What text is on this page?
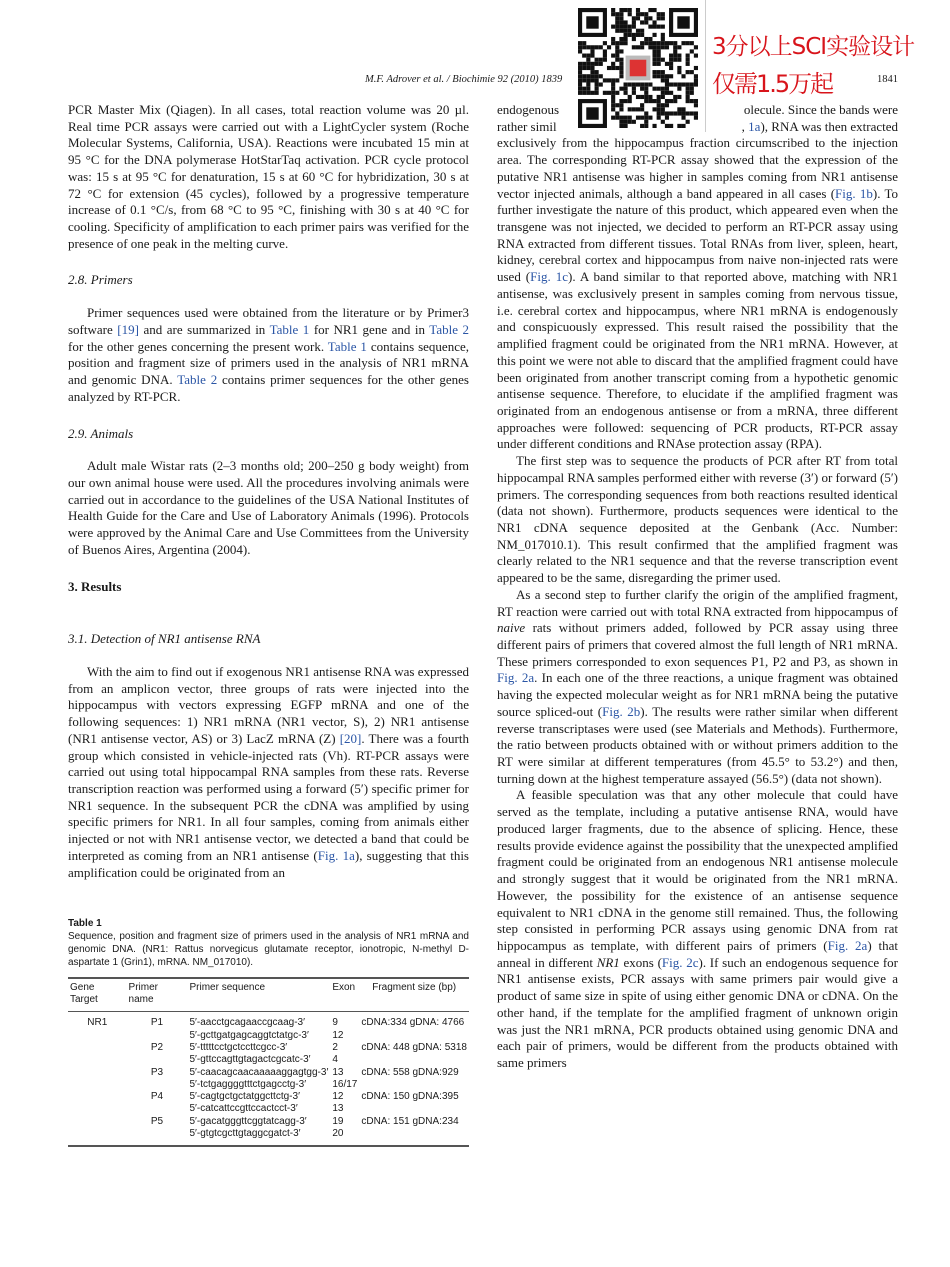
M.F. Adrover et al. / Biochimie 92 (2010) 1839	1841

PCR Master Mix (Qiagen). In all cases, total reaction volume was 20 µl. Real time PCR assays were carried out with a LightCycler system (Roche Molecular Systems, California, USA). Reactions were incubated 15 min at 95 °C for the DNA polymerase HotStarTaq activation. PCR cycle protocol was: 15 s at 95 °C for denaturation, 15 s at 60 °C for hybridization, 30 s at 72 °C for extension (45 cycles), followed by a progressive temperature increase of 0.1 °C/s, from 68 °C to 95 °C, finishing with 30 s at 40 °C for cooling. Specificity of amplification to each primer pairs was verified for the presence of one peak in the melting curve.

2.8. Primers

Primer sequences used were obtained from the literature or by Primer3 software [19] and are summarized in Table 1 for NR1 gene and in Table 2 for the other genes concerning the present work. Table 1 contains sequence, position and fragment size of primers used in the analysis of NR1 mRNA and genomic DNA. Table 2 contains primer sequences for the other genes analyzed by RT-PCR.

2.9. Animals

Adult male Wistar rats (2–3 months old; 200–250 g body weight) from our own animal house were used. All the procedures involving animals were carried out in accordance to the guidelines of the USA National Institutes of Health Guide for the Care and Use of Laboratory Animals (1996). Protocols were approved by the Animal Care and Use Committees from the University of Buenos Aires, Argentina (2004).

3. Results
3.1. Detection of NR1 antisense RNA

With the aim to find out if exogenous NR1 antisense RNA was expressed from an amplicon vector, three groups of rats were injected into the hippocampus with vectors expressing EGFP mRNA and one of the following sequences: 1) NR1 mRNA (NR1 vector, S), 2) NR1 antisense (NR1 antisense vector, AS) or 3) LacZ mRNA (Z) [20]. There was a fourth group which consisted in vehicle-injected rats (Vh). RT-PCR assays were carried out using total hippocampal RNA samples from these rats. Reverse transcription reaction was performed using a forward (5′) specific primer for NR1 sequence. In the subsequent PCR the cDNA was amplified by using specific primers for NR1. In all four samples, coming from animals either injected or not with NR1 antisense vector, we detected a band that could be interpreted as coming from an NR1 antisense (Fig. 1a), suggesting that this amplification could be originated from an

Table 1

Sequence, position and fragment size of primers used in the analysis of NR1 mRNA and genomic DNA. (NR1: Rattus norvegicus glutamate receptor, ionotropic, N-methyl D-aspartate 1 (Grin1), mRNA. NM_017010).

Gene Target	Primer name	Primer sequence	Exon	Fragment size (bp)
NR1	P1	5′-aacctgcagaaccgcaag-3′	9	cDNA:334 gDNA: 4766
		5′-gcttgatgagcaggtctatgc-3′	12	
	P2	5′-tttttcctgctccttcgcc-3′	2	cDNA: 448 gDNA: 5318
		5′-gttccagttgtagactcgcatc-3′	4	
	P3	5′-caacagcaacaaaaaggagtgg-3′	13	cDNA: 558 gDNA:929
		5′-tctgaggggtttctgagcctg-3′	16/17	
	P4	5′-cagtgctgctatggcttctg-3′	12	cDNA: 150 gDNA:395
		5′-catcattccgttccactcct-3′	13	
	P5	5′-gacatgggttcggtatcagg-3′	19	cDNA: 151 gDNA:234
		5′-gtgtcgcttgtaggcgatct-3′	20	
endogenous	olecule. Since the bands were
rather simil	, 1a), RNA was then extracted

exclusively from the hippocampus fraction circumscribed to the injection area. The corresponding RT-PCR assay showed that the expression of the putative NR1 antisense was higher in samples coming from NR1 antisense vector injected animals, although a band appeared in all cases (Fig. 1b). To further investigate the nature of this product, which appeared even when the transgene was not injected, we decided to perform an RT-PCR assay using RNA extracted from different tissues. Total RNAs from liver, spleen, heart, kidney, cerebral cortex and hippocampus from naive non-injected rats were used (Fig. 1c). A band similar to that reported above, matching with NR1 antisense, was exclusively present in samples coming from nervous tissue, i.e. cerebral cortex and hippocampus, where NR1 mRNA is endogenously and conspicuously expressed. This result raised the possibility that the amplified fragment could be originated from the NR1 mRNA. However, at this point we were not able to discard that the amplified fragment could have been originated from another transcript coming from a hypothetic genomic antisense sequence. Therefore, to elucidate if the amplified fragment was originated from an endogenous antisense or from a mRNA, three different approaches were followed: sequencing of PCR products, RT-PCR assay under different conditions and RNAse protection assay (RPA).

The first step was to sequence the products of PCR after RT from total hippocampal RNA samples performed either with reverse (3′) or forward (5′) primers. The corresponding sequences from both reactions resulted identical (data not shown). Furthermore, products sequences were identical to the NR1 cDNA sequence deposited at the Genbank (Acc. Number: NM_017010.1). This result confirmed that the amplified fragment was clearly related to the NR1 sequence and that the reverse transcription event appeared to be the same, disregarding the primer used.

As a second step to further clarify the origin of the amplified fragment, RT reaction were carried out with total RNA extracted from hippocampus of naive rats without primers added, followed by PCR assay using three different pairs of primers that covered almost the full length of NR1 mRNA. These primers corresponded to exon sequences P1, P2 and P3, as shown in Fig. 2a. In each one of the three reactions, a unique fragment was obtained having the expected molecular weight as for NR1 mRNA being the putative source spliced-out (Fig. 2b). The results were rather similar when different reverse transcriptases were used (see Materials and Methods). Furthermore, the ratio between products obtained with or without primers addition to the RT were similar at different temperatures (from 45.5° to 53.2°) and then, turning down at the highest temperature assayed (56.5°) (data not shown).

A feasible speculation was that any other molecule that could have served as the template, including a putative antisense RNA, would have produced larger fragments, due to the absence of splicing. Hence, these results provide evidence against the possibility that the unexpected amplified fragment could be originated from an endogenous NR1 antisense molecule and strongly suggest that it would be originated from the NR1 mRNA. However, the possibility for the existence of an antisense sequence equivalent to NR1 cDNA in the genome still remained. Thus, the following step consisted in performing PCR assays using genomic DNA from rat hippocampus as template, with different pairs of primers (Fig. 2a) that anneal in different NR1 exons (Fig. 2c). If such an endogenous sequence for NR1 antisense exists, PCR assays with same primers pair would give a product of same size in spite of using either genomic DNA or cDNA. On the other hand, if the template for the amplified fragment of unknown origin was just the NR1 mRNA, PCR products obtained using genomic DNA and each pair of primers, would be different from the products obtained with same primers

3分以上SCI实验设计
仅需1.5万起
